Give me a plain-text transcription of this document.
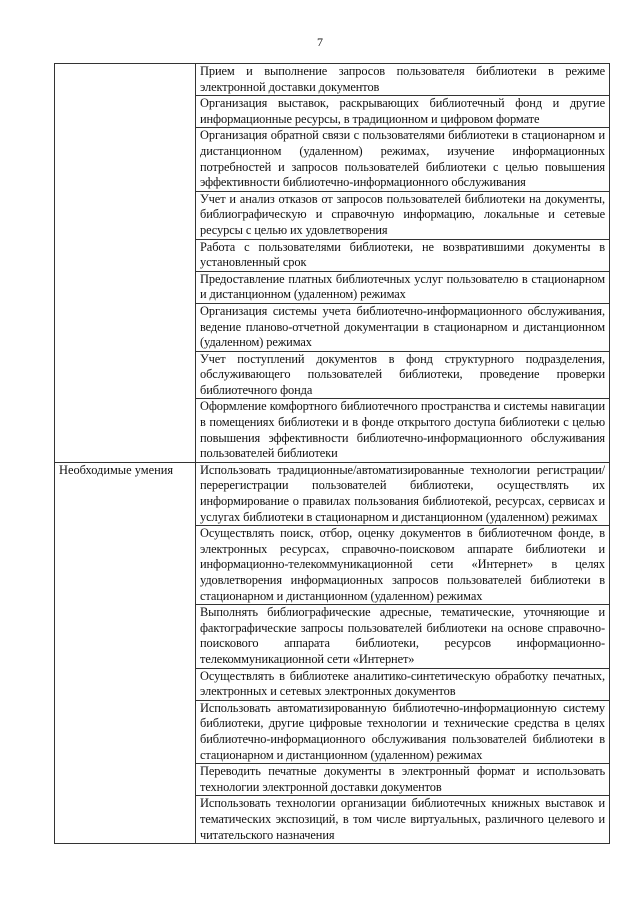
7
	Прием и выполнение запросов пользователя библиотеки в режиме электронной доставки документов
	Организация выставок, раскрывающих библиотечный фонд и другие информационные ресурсы, в традиционном и цифровом формате
	Организация обратной связи с пользователями библиотеки в стационарном и дистанционном (удаленном) режимах, изучение информационных потребностей и запросов пользователей библиотеки с целью повышения эффективности библиотечно-информационного обслуживания
	Учет и анализ отказов от запросов пользователей библиотеки на документы, библиографическую и справочную информацию, локальные и сетевые ресурсы с целью их удовлетворения
	Работа с пользователями библиотеки, не возвратившими документы в установленный срок
	Предоставление платных библиотечных услуг пользователю в стационарном и дистанционном (удаленном) режимах
	Организация системы учета библиотечно-информационного обслуживания, ведение планово-отчетной документации в стационарном и дистанционном (удаленном) режимах
	Учет поступлений документов в фонд структурного подразделения, обслуживающего пользователей библиотеки, проведение проверки библиотечного фонда
	Оформление комфортного библиотечного пространства и системы навигации в помещениях библиотеки и в фонде открытого доступа библиотеки с целью повышения эффективности библиотечно-информационного обслуживания пользователей библиотеки
Необходимые умения	Использовать традиционные/автоматизированные технологии регистрации/перерегистрации пользователей библиотеки, осуществлять их информирование о правилах пользования библиотекой, ресурсах, сервисах и услугах библиотеки в стационарном и дистанционном (удаленном) режимах
	Осуществлять поиск, отбор, оценку документов в библиотечном фонде, в электронных ресурсах, справочно-поисковом аппарате библиотеки и информационно-телекоммуникационной сети «Интернет» в целях удовлетворения информационных запросов пользователей библиотеки в стационарном и дистанционном (удаленном) режимах
	Выполнять библиографические адресные, тематические, уточняющие и фактографические запросы пользователей библиотеки на основе справочно-поискового аппарата библиотеки, ресурсов информационно-телекоммуникационной сети «Интернет»
	Осуществлять в библиотеке аналитико-синтетическую обработку печатных, электронных и сетевых электронных документов
	Использовать автоматизированную библиотечно-информационную систему библиотеки, другие цифровые технологии и технические средства в целях библиотечно-информационного обслуживания пользователей библиотеки в стационарном и дистанционном (удаленном) режимах
	Переводить печатные документы в электронный формат и использовать технологии электронной доставки документов
	Использовать технологии организации библиотечных книжных выставок и тематических экспозиций, в том числе виртуальных, различного целевого и читательского назначения
